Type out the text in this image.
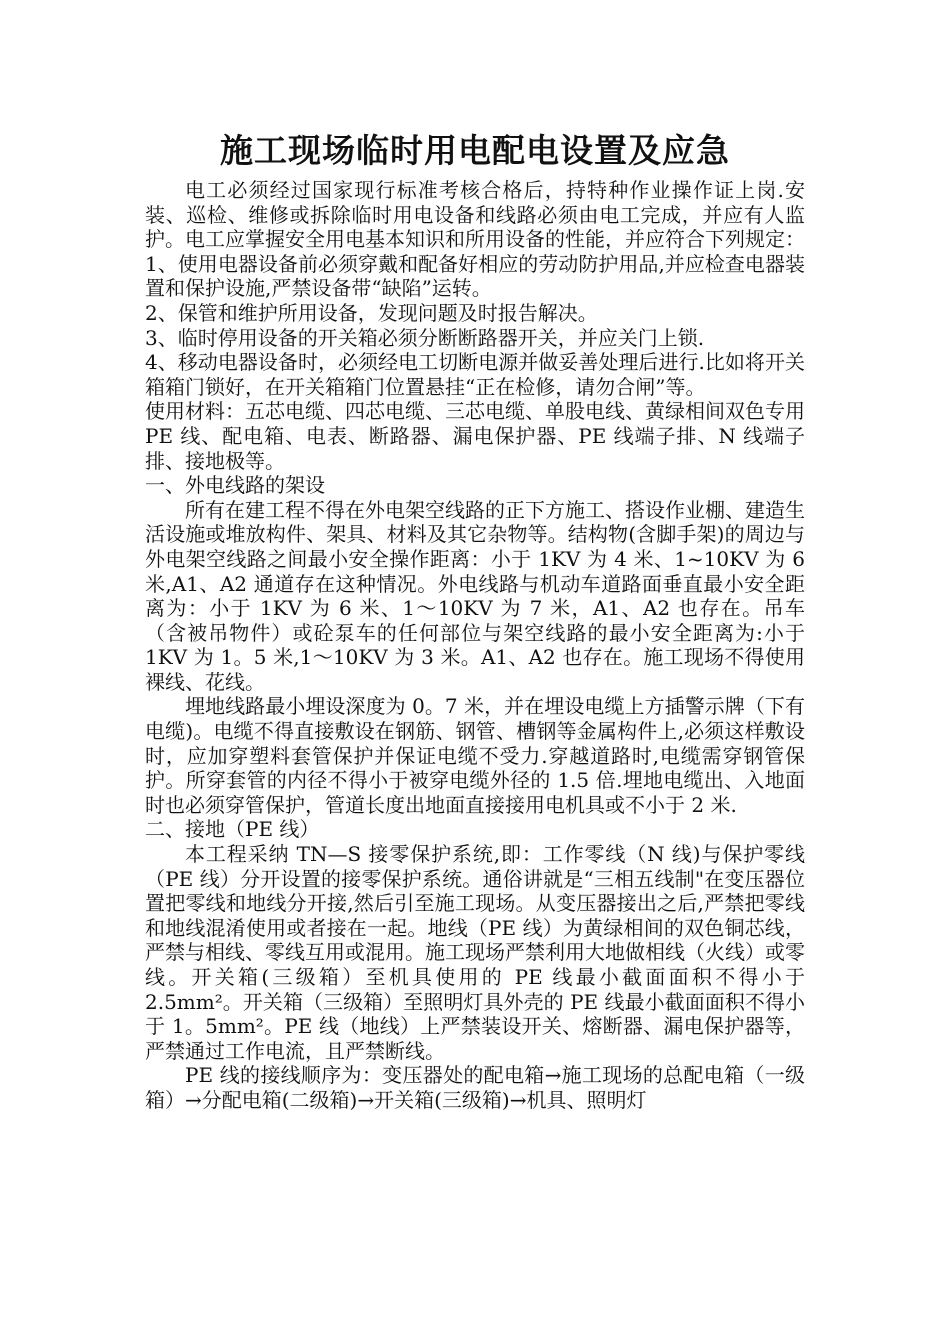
施工现场临时用电配电设置及应急

电工必须经过国家现行标准考核合格后，持特种作业操作证上岗.安装、巡检、维修或拆除临时用电设备和线路必须由电工完成，并应有人监护。电工应掌握安全用电基本知识和所用设备的性能，并应符合下列规定：

1、使用电器设备前必须穿戴和配备好相应的劳动防护用品,并应检查电器装置和保护设施,严禁设备带“缺陷”运转。

2、保管和维护所用设备，发现问题及时报告解决。

3、临时停用设备的开关箱必须分断断路器开关，并应关门上锁.

4、移动电器设备时，必须经电工切断电源并做妥善处理后进行.比如将开关箱箱门锁好，在开关箱箱门位置悬挂“正在检修，请勿合闸”等。

使用材料：五芯电缆、四芯电缆、三芯电缆、单股电线、黄绿相间双色专用 PE 线、配电箱、电表、断路器、漏电保护器、PE 线端子排、N 线端子排、接地极等。

一、外电线路的架设

所有在建工程不得在外电架空线路的正下方施工、搭设作业棚、建造生活设施或堆放构件、架具、材料及其它杂物等。结构物(含脚手架)的周边与外电架空线路之间最小安全操作距离：小于 1KV 为 4 米、1~10KV 为 6 米,A1、A2 通道存在这种情况。外电线路与机动车道路面垂直最小安全距离为：小于 1KV 为 6 米、1～10KV 为 7 米，A1、A2 也存在。吊车（含被吊物件）或砼泵车的任何部位与架空线路的最小安全距离为:小于 1KV 为 1。5 米,1～10KV 为 3 米。A1、A2 也存在。施工现场不得使用裸线、花线。

埋地线路最小埋设深度为 0。7 米，并在埋设电缆上方插警示牌（下有电缆)。电缆不得直接敷设在钢筋、钢管、槽钢等金属构件上,必须这样敷设时，应加穿塑料套管保护并保证电缆不受力.穿越道路时,电缆需穿钢管保护。所穿套管的内径不得小于被穿电缆外径的 1.5 倍.埋地电缆出、入地面时也必须穿管保护，管道长度出地面直接接用电机具或不小于 2 米.

二、接地（PE 线）

本工程采纳 TN—S 接零保护系统,即：工作零线（N 线)与保护零线（PE 线）分开设置的接零保护系统。通俗讲就是“三相五线制"在变压器位置把零线和地线分开接,然后引至施工现场。从变压器接出之后,严禁把零线和地线混淆使用或者接在一起。地线（PE 线）为黄绿相间的双色铜芯线，严禁与相线、零线互用或混用。施工现场严禁利用大地做相线（火线）或零线。开关箱(三级箱）至机具使用的 PE 线最小截面面积不得小于 2.5mm²。开关箱（三级箱）至照明灯具外壳的 PE 线最小截面面积不得小于 1。5mm²。PE 线（地线）上严禁装设开关、熔断器、漏电保护器等，严禁通过工作电流，且严禁断线。

PE 线的接线顺序为：变压器处的配电箱→施工现场的总配电箱（一级箱）→分配电箱(二级箱)→开关箱(三级箱)→机具、照明灯
